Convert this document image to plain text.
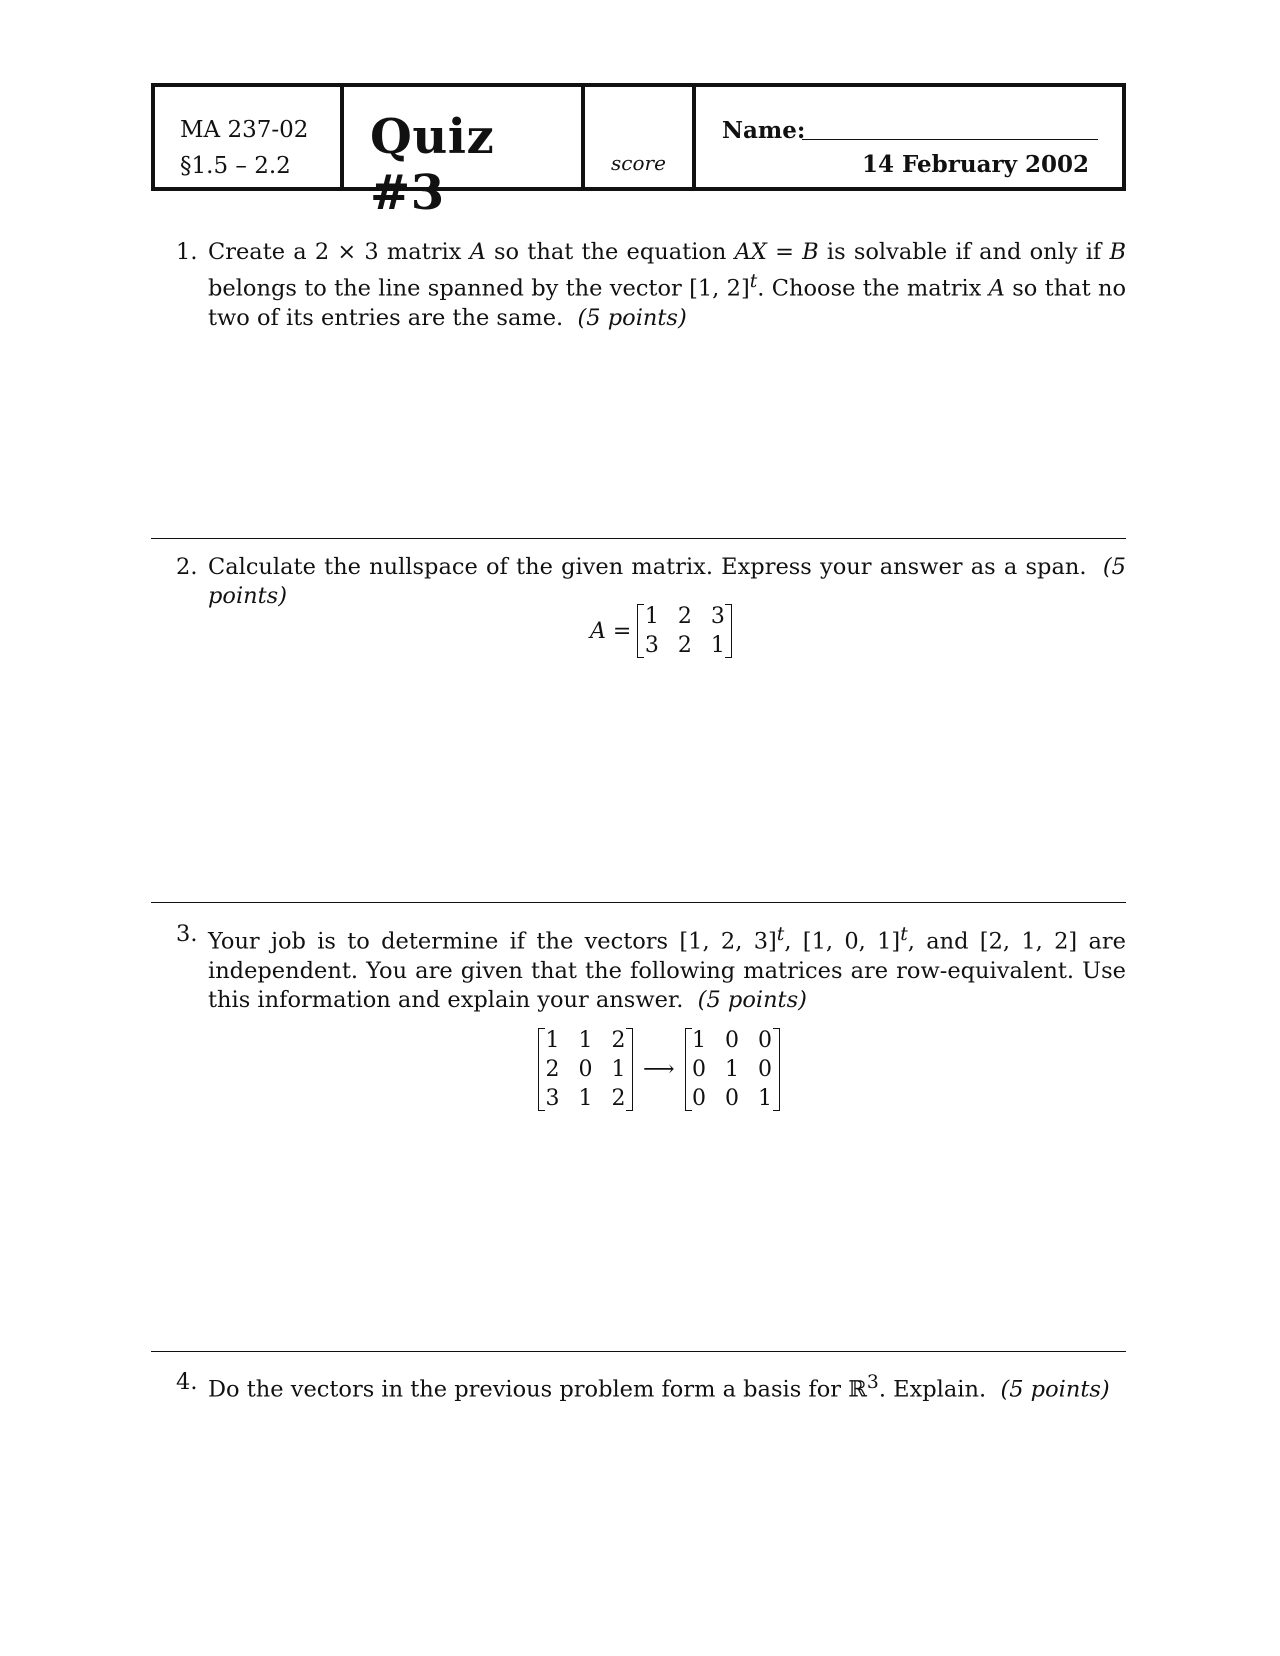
MA 237-02
§1.5 – 2.2
Quiz #3
score
Name:
14 February 2002
1. Create a 2 × 3 matrix A so that the equation AX = B is solvable if and only if B belongs to the line spanned by the vector [1, 2]$^t$. Choose the matrix A so that no two of its entries are the same. (5 points)
2. Calculate the nullspace of the given matrix. Express your answer as a span. (5 points)
A =
1 2 3
3 2 1
3. Your job is to determine if the vectors [1, 2, 3]$^t$, [1, 0, 1]$^t$, and [2, 1, 2] are independent. You are given that the following matrices are row-equivalent. Use this information and explain your answer. (5 points)
1 1 2
2 0 1
3 1 2
⟶
1 0 0
0 1 0
0 0 1
4. Do the vectors in the previous problem form a basis for ℝ$^3$. Explain. (5 points)
